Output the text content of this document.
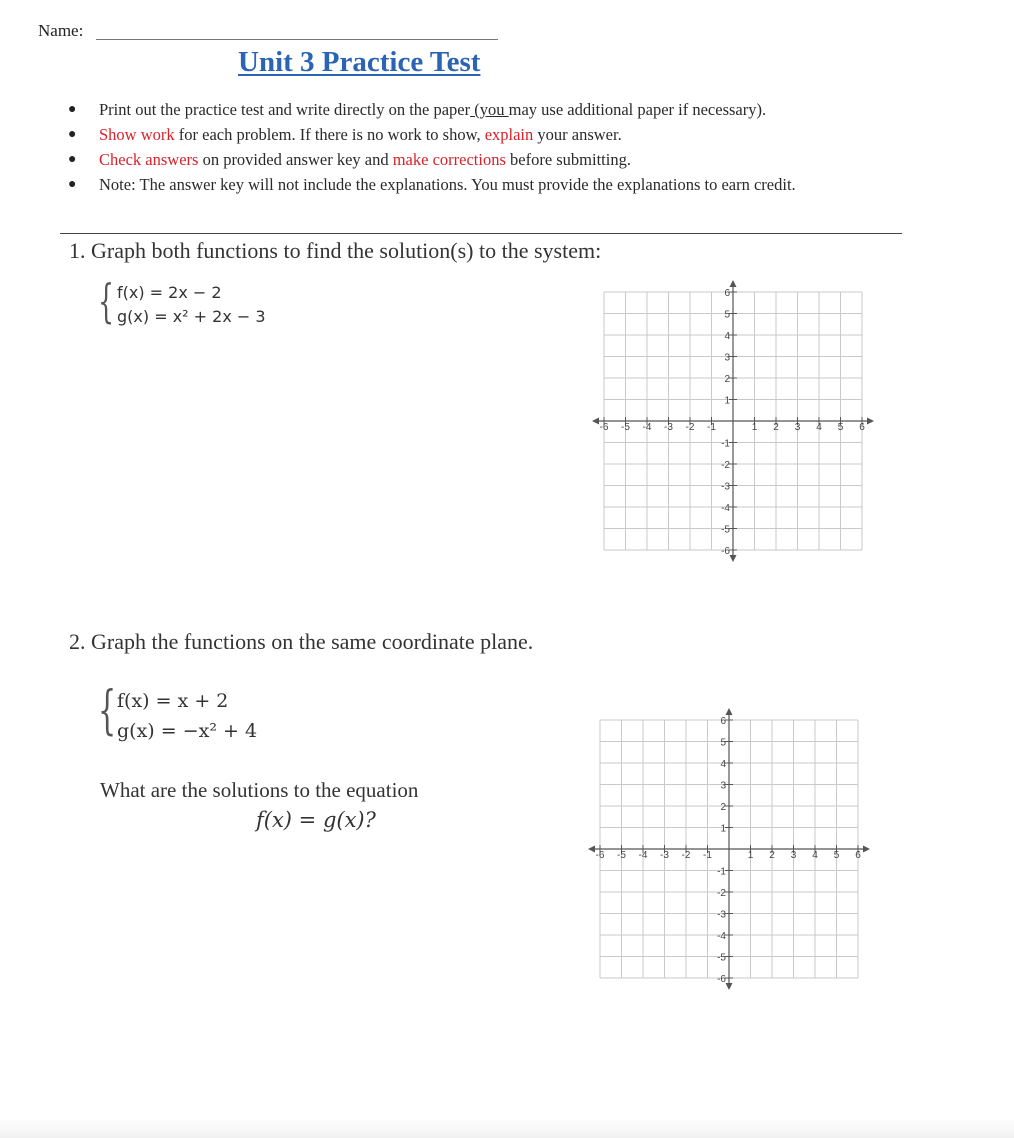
Name:
Unit 3 Practice Test
● Print out the practice test and write directly on the paper (you may use additional paper if necessary).
● Show work for each problem. If there is no work to show, explain your answer.
● Check answers on provided answer key and make corrections before submitting.
● Note: The answer key will not include the explanations. You must provide the explanations to earn credit.
1. Graph both functions to find the solution(s) to the system:
{ f(x) = 2x − 2
g(x) = x² + 2x − 3
-6 -5 -4 -3 -2 -1	1 2 3 4 5 6
6
5
4
3
2
1
-1
-2
-3
-4
-5
-6
2. Graph the functions on the same coordinate plane.
{ f(x) = x + 2
g(x) = −x² + 4
What are the solutions to the equation
f(x) = g(x)?
-6 -5 -4 -3 -2 -1	1 2 3 4 5 6
6
5
4
3
2
1
-1
-2
-3
-4
-5
-6
